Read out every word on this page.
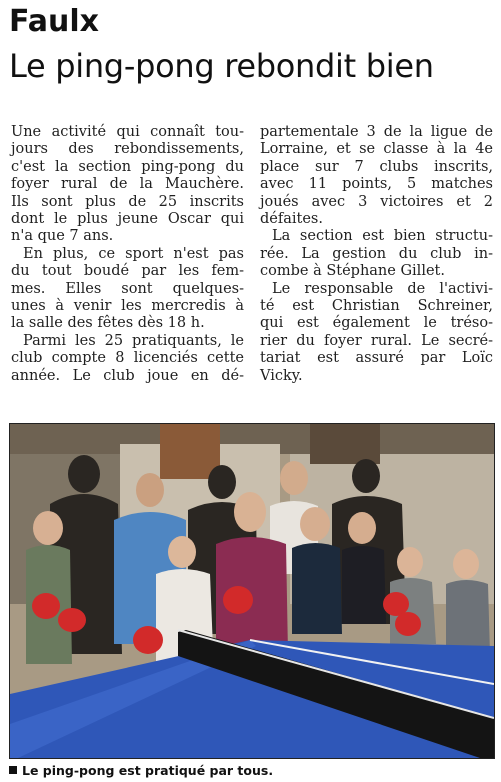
Faulx
Le ping-pong rebondit bien
Une activité qui connaît tou-
jours des rebondissements,
c'est la section ping-pong du
foyer rural de la Mauchère.
Ils sont plus de 25 inscrits
dont le plus jeune Oscar qui
n'a que 7 ans.
En plus, ce sport n'est pas
du tout boudé par les fem-
mes. Elles sont quelques-
unes à venir les mercredis à
la salle des fêtes dès 18 h.
Parmi les 25 pratiquants, le
club compte 8 licenciés cette
année. Le club joue en dé-
partementale 3 de la ligue de
Lorraine, et se classe à la 4e
place sur 7 clubs inscrits,
avec 11 points, 5 matches
joués avec 3 victoires et 2
défaites.
La section est bien structu-
rée. La gestion du club in-
combe à Stéphane Gillet.
Le responsable de l'activi-
té est Christian Schreiner,
qui est également le tréso-
rier du foyer rural. Le secré-
tariat est assuré par Loïc
Vicky.
Le ping-pong est pratiqué par tous.
